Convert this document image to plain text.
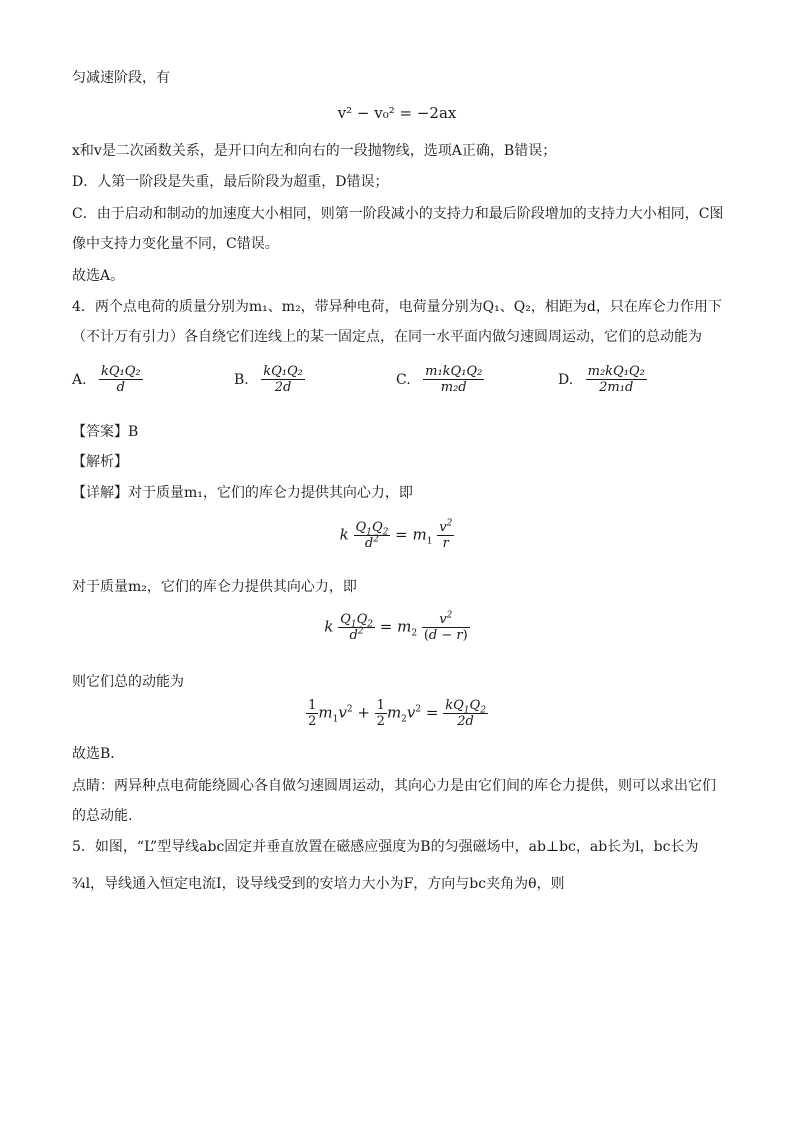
匀减速阶段，有
v² − v₀² = −2ax
x和v是二次函数关系，是开口向左和向右的一段抛物线，选项A正确，B错误；
D．人第一阶段是失重，最后阶段为超重，D错误；
C．由于启动和制动的加速度大小相同，则第一阶段减小的支持力和最后阶段增加的支持力大小相同，C图
像中支持力变化量不同，C错误。
故选A。
4．两个点电荷的质量分别为m₁、m₂，带异种电荷，电荷量分别为Q₁、Q₂，相距为d，只在库仑力作用下
（不计万有引力）各自绕它们连线上的某一固定点，在同一水平面内做匀速圆周运动，它们的总动能为
A. $\frac{\text{kQ₁Q₂}}{d}$	B. $\frac{\text{kQ₁Q₂}}{2d}$	C. $\frac{\text{m₁kQ₁Q₂}}{\text{m₂d}}$	D. $\frac{\text{m₂kQ₁Q₂}}{\text{2m₁d}}$
【答案】B
【解析】
【详解】对于质量m₁，它们的库仑力提供其向心力，即
k $\frac{Q_1Q_2}{d^2} = m_1 \frac{v^2}{r}$
对于质量m₂，它们的库仑力提供其向心力，即
k $\frac{Q_1Q_2}{d^2} = m_2 \frac{v^2}{(d - r)}$
则它们总的动能为
$\frac{1}{2} m_1v^2 + \frac{1}{2} m_2v^2 = \frac{kQ_1Q_2}{2d}$
故选B．
点睛：两异种点电荷能绕圆心各自做匀速圆周运动，其向心力是由它们间的库仑力提供，则可以求出它们
的总动能.
5．如图，“L”型导线abc固定并垂直放置在磁感应强度为B的匀强磁场中，ab⊥bc，ab长为l，bc长为
¾l，导线通入恒定电流I，设导线受到的安培力大小为F，方向与bc夹角为θ，则
